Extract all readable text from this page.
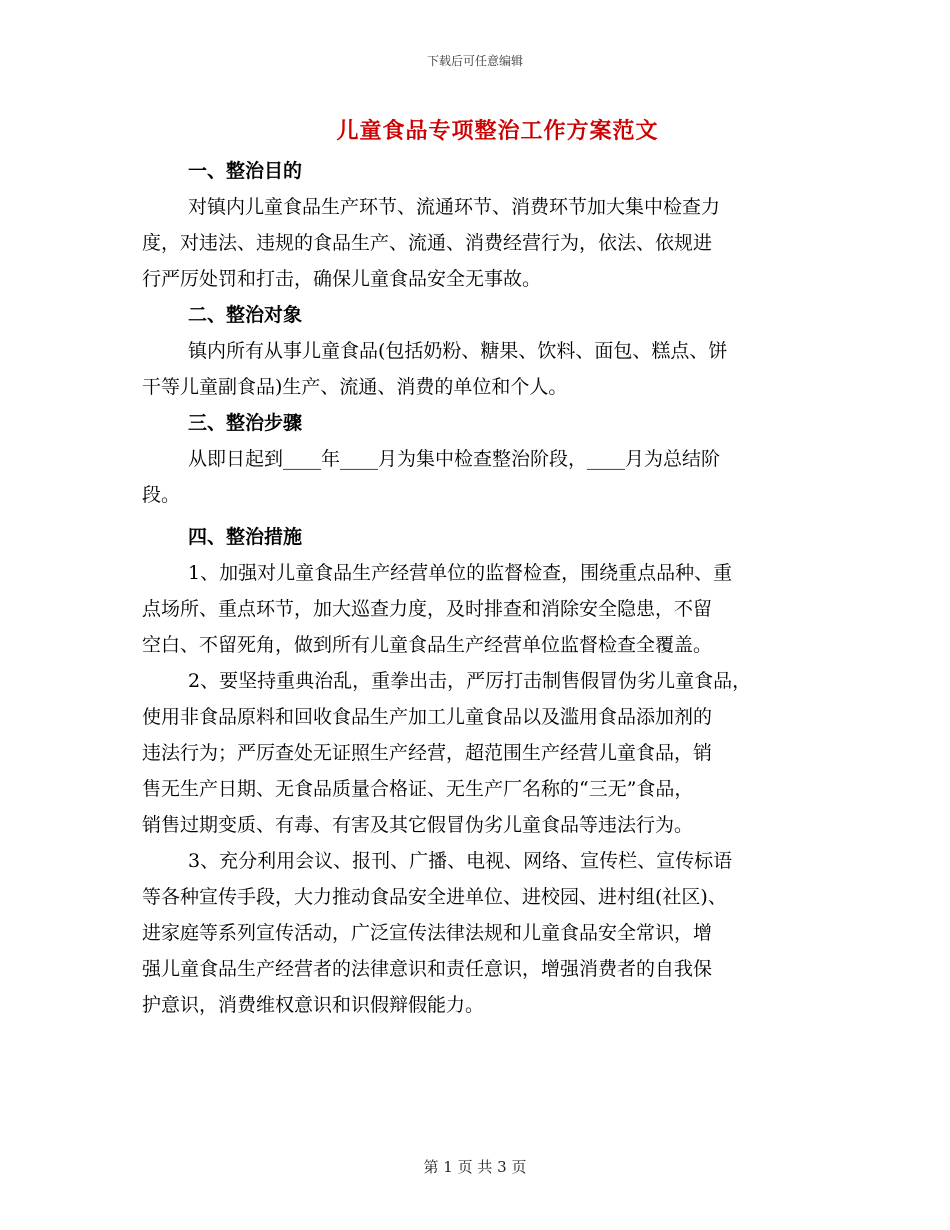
下载后可任意编辑
儿童食品专项整治工作方案范文
一、整治目的
对镇内儿童食品生产环节、流通环节、消费环节加大集中检查力
度，对违法、违规的食品生产、流通、消费经营行为，依法、依规进
行严厉处罚和打击，确保儿童食品安全无事故。
二、整治对象
镇内所有从事儿童食品(包括奶粉、糖果、饮料、面包、糕点、饼
干等儿童副食品)生产、流通、消费的单位和个人。
三、整治步骤
从即日起到____年____月为集中检查整治阶段，____月为总结阶
段。
四、整治措施
1、加强对儿童食品生产经营单位的监督检查，围绕重点品种、重
点场所、重点环节，加大巡查力度，及时排查和消除安全隐患，不留
空白、不留死角，做到所有儿童食品生产经营单位监督检查全覆盖。
2、要坚持重典治乱，重拳出击，严厉打击制售假冒伪劣儿童食品，
使用非食品原料和回收食品生产加工儿童食品以及滥用食品添加剂的
违法行为；严厉查处无证照生产经营，超范围生产经营儿童食品，销
售无生产日期、无食品质量合格证、无生产厂名称的“三无”食品，
销售过期变质、有毒、有害及其它假冒伪劣儿童食品等违法行为。
3、充分利用会议、报刊、广播、电视、网络、宣传栏、宣传标语
等各种宣传手段，大力推动食品安全进单位、进校园、进村组(社区)、
进家庭等系列宣传活动，广泛宣传法律法规和儿童食品安全常识，增
强儿童食品生产经营者的法律意识和责任意识，增强消费者的自我保
护意识，消费维权意识和识假辩假能力。
第 1 页 共 3 页
